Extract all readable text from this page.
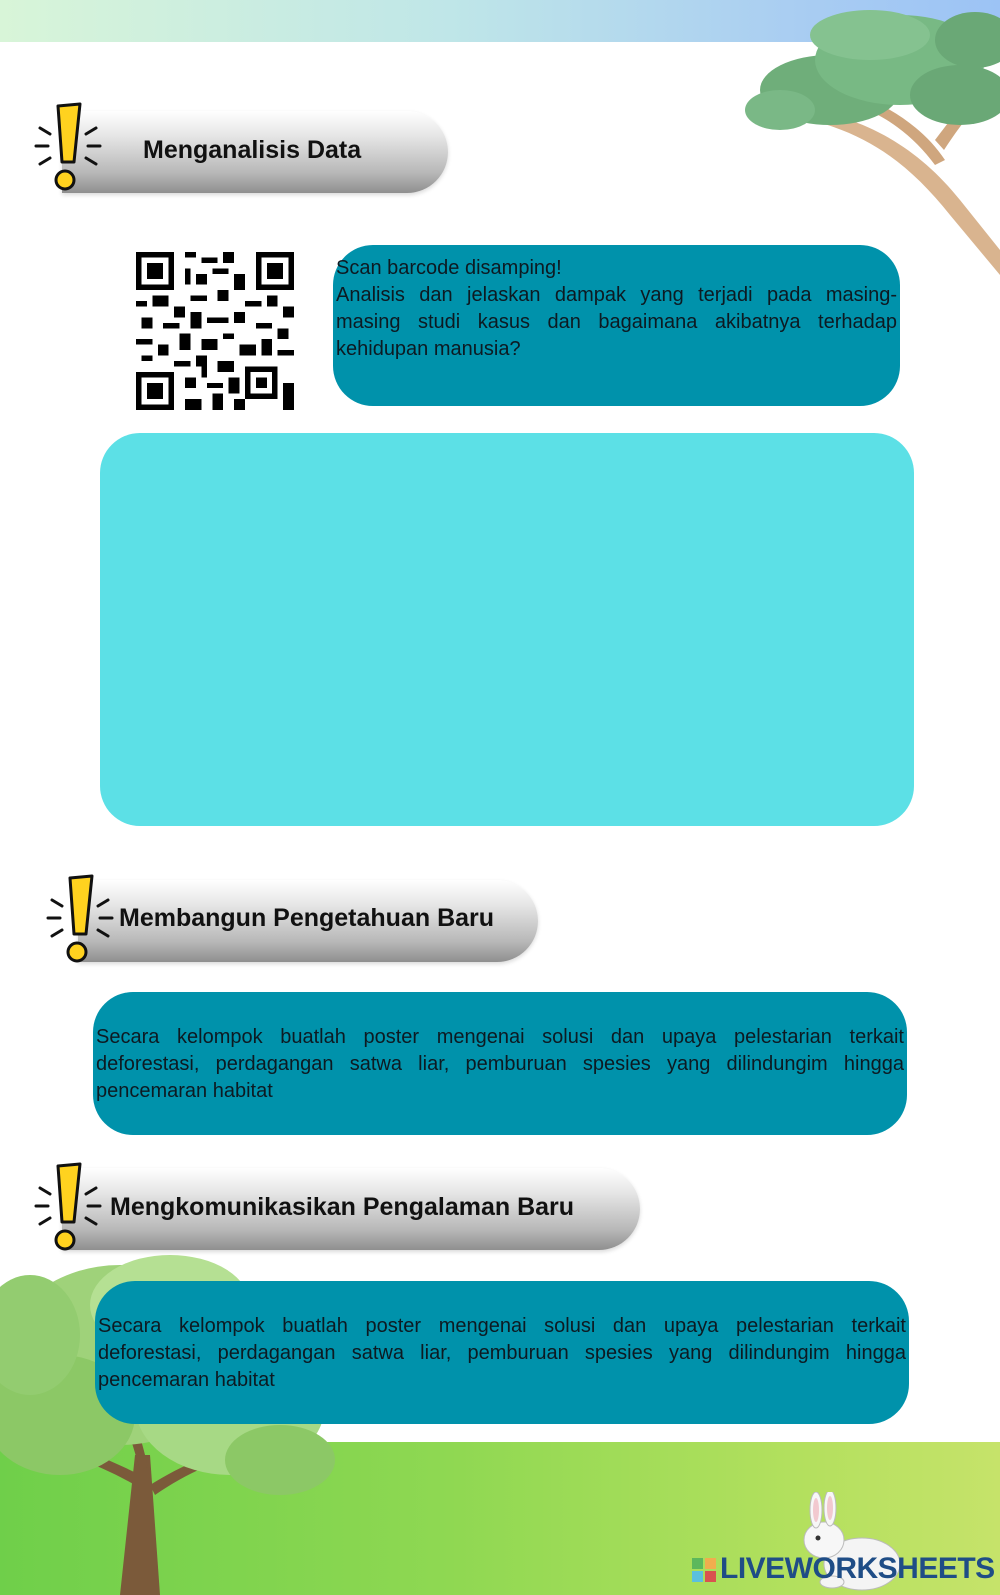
Menganalisis Data
Scan barcode disamping!
Analisis dan jelaskan dampak yang terjadi pada masing-masing studi kasus dan bagaimana akibatnya terhadap kehidupan manusia?
Membangun Pengetahuan Baru
Secara kelompok buatlah poster mengenai solusi dan upaya pelestarian terkait deforestasi, perdagangan satwa liar, pemburuan spesies yang dilindungim hingga pencemaran habitat
Mengkomunikasikan Pengalaman Baru
Secara kelompok buatlah poster mengenai solusi dan upaya pelestarian terkait deforestasi, perdagangan satwa liar, pemburuan spesies yang dilindungim hingga pencemaran habitat
LIVEWORKSHEETS
